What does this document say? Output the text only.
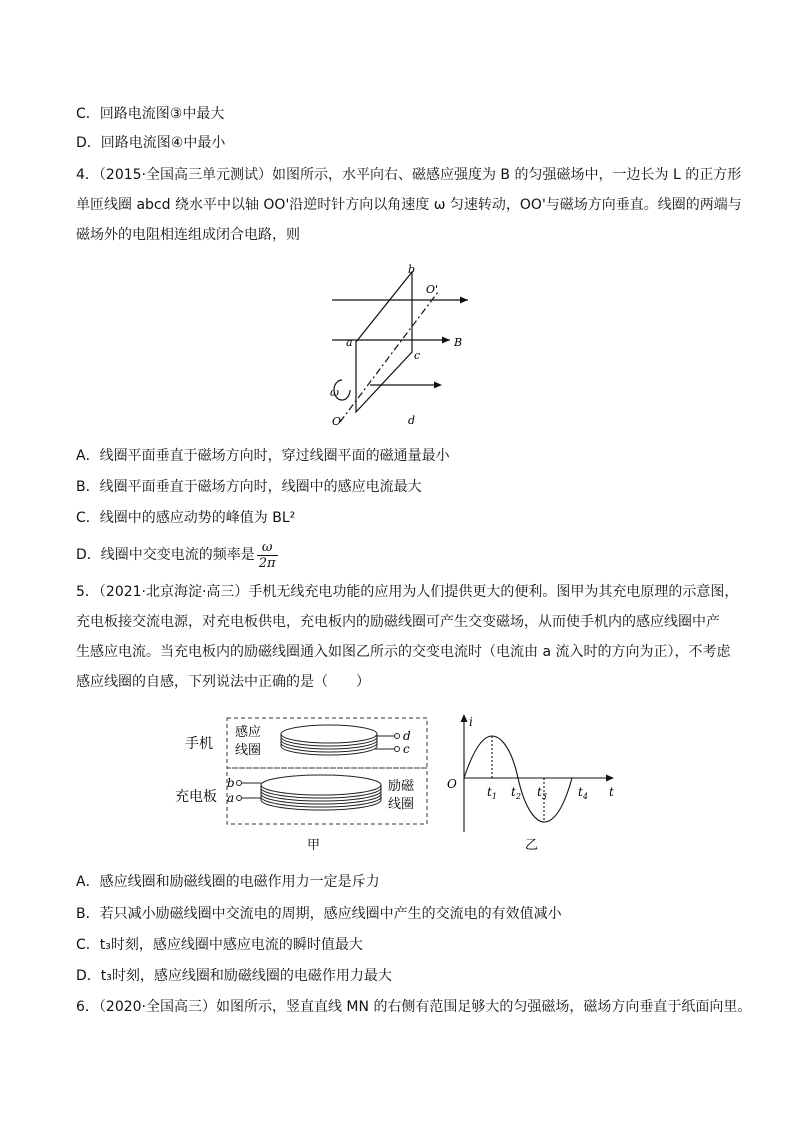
C．回路电流图③中最大
D．回路电流图④中最小
4．（2015·全国高三单元测试）如图所示，水平向右、磁感应强度为 B 的匀强磁场中，一边长为 L 的正方形
单匝线圈 abcd 绕水平中以轴 OO'沿逆时针方向以角速度 ω 匀速转动，OO'与磁场方向垂直。线圈的两端与
磁场外的电阻相连组成闭合电路，则
b
a
c
d
O'
O
B
ω
A．线圈平面垂直于磁场方向时，穿过线圈平面的磁通量最小
B．线圈平面垂直于磁场方向时，线圈中的感应电流最大
C．线圈中的感应动势的峰值为 BL²
D．线圈中交变电流的频率是 $\frac{\omega}{2\pi}$
5．（2021·北京海淀·高三）手机无线充电功能的应用为人们提供更大的便利。图甲为其充电原理的示意图，
充电板接交流电源，对充电板供电，充电板内的励磁线圈可产生交变磁场，从而使手机内的感应线圈中产
生感应电流。当充电板内的励磁线圈通入如图乙所示的交变电流时（电流由 a 流入时的方向为正），不考虑
感应线圈的自感，下列说法中正确的是（　　）
手机
充电板
感应
线圈
励磁
线圈
d
c
b
a
甲
i
O
t
$t_1$ $t_2$ $t_3$	$t_4$
乙
A．感应线圈和励磁线圈的电磁作用力一定是斥力
B．若只减小励磁线圈中交流电的周期，感应线圈中产生的交流电的有效值减小
C．t₃时刻，感应线圈中感应电流的瞬时值最大
D．t₃时刻，感应线圈和励磁线圈的电磁作用力最大
6．（2020·全国高三）如图所示，竖直直线 MN 的右侧有范围足够大的匀强磁场，磁场方向垂直于纸面向里。
